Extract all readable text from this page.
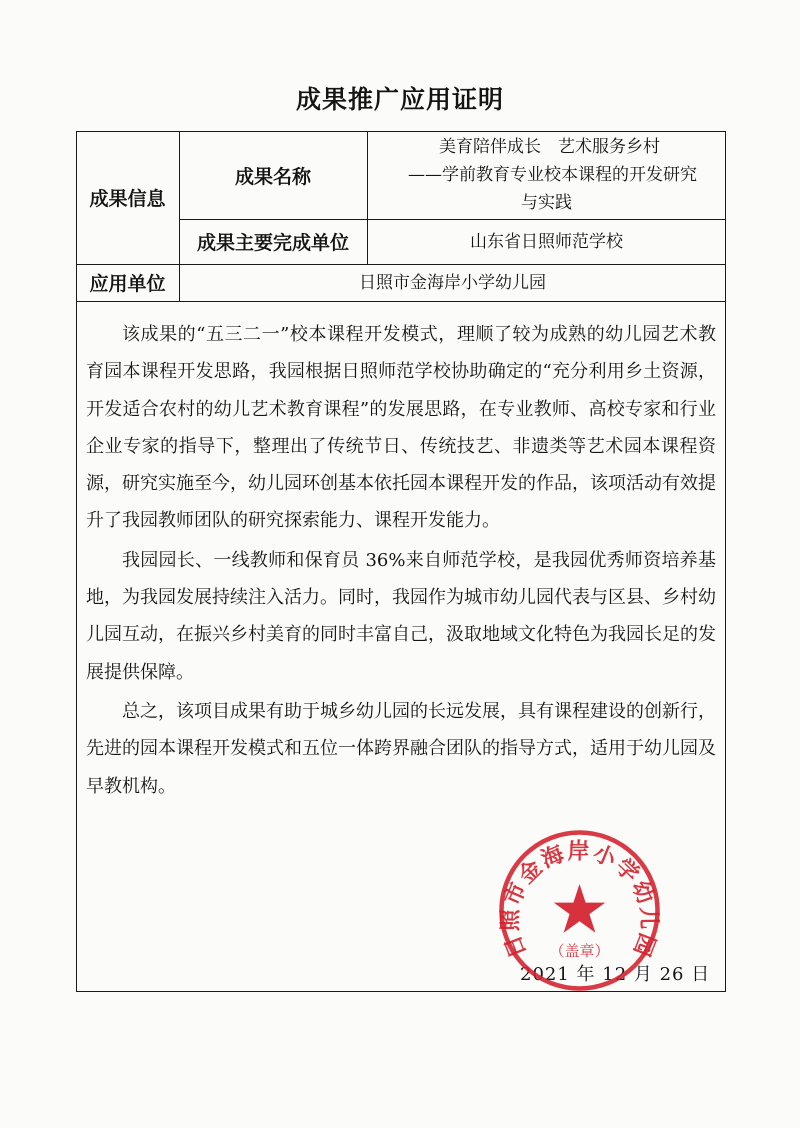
成果推广应用证明
成果信息
成果名称
美育陪伴成长　艺术服务乡村
——学前教育专业校本课程的开发研究
与实践
成果主要完成单位	山东省日照师范学校
应用单位	日照市金海岸小学幼儿园

该成果的“五三二一”校本课程开发模式，理顺了较为成熟的幼儿园艺术教育园本课程开发思路，我园根据日照师范学校协助确定的“充分利用乡土资源，开发适合农村的幼儿艺术教育课程”的发展思路，在专业教师、高校专家和行业企业专家的指导下，整理出了传统节日、传统技艺、非遗类等艺术园本课程资源，研究实施至今，幼儿园环创基本依托园本课程开发的作品，该项活动有效提升了我园教师团队的研究探索能力、课程开发能力。

我园园长、一线教师和保育员 36%来自师范学校，是我园优秀师资培养基地，为我园发展持续注入活力。同时，我园作为城市幼儿园代表与区县、乡村幼儿园互动，在振兴乡村美育的同时丰富自己，汲取地域文化特色为我园长足的发展提供保障。

总之，该项目成果有助于城乡幼儿园的长远发展，具有课程建设的创新行，先进的园本课程开发模式和五位一体跨界融合团队的指导方式，适用于幼儿园及早教机构。

2021 年 12 月 26 日
日照市金海岸小学幼儿园
（盖章）
